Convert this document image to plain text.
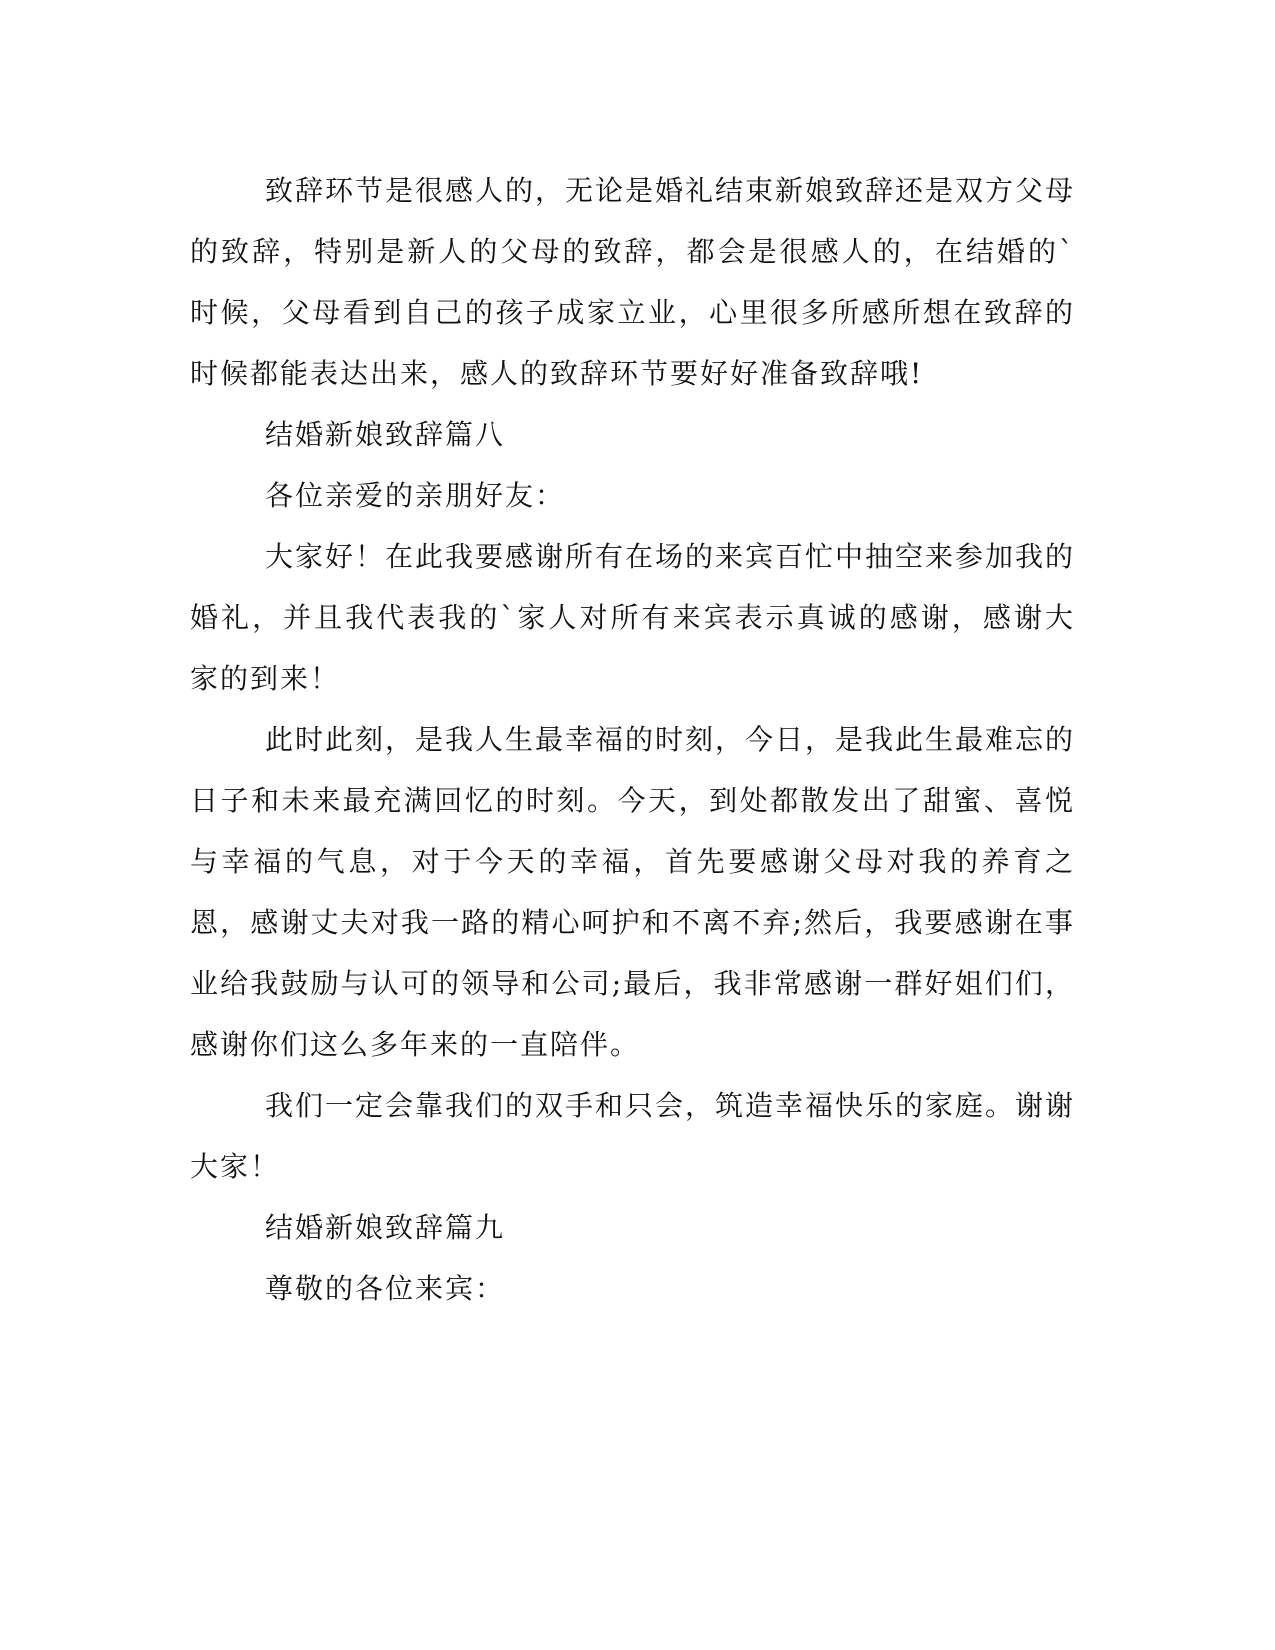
致辞环节是很感人的，无论是婚礼结束新娘致辞还是双方父母的致辞，特别是新人的父母的致辞，都会是很感人的，在结婚的`时候，父母看到自己的孩子成家立业，心里很多所感所想在致辞的时候都能表达出来，感人的致辞环节要好好准备致辞哦!

结婚新娘致辞篇八

各位亲爱的亲朋好友：

大家好！在此我要感谢所有在场的来宾百忙中抽空来参加我的婚礼，并且我代表我的`家人对所有来宾表示真诚的感谢，感谢大家的到来！

此时此刻，是我人生最幸福的时刻，今日，是我此生最难忘的日子和未来最充满回忆的时刻。今天，到处都散发出了甜蜜、喜悦与幸福的气息，对于今天的幸福，首先要感谢父母对我的养育之恩，感谢丈夫对我一路的精心呵护和不离不弃;然后，我要感谢在事业给我鼓励与认可的领导和公司;最后，我非常感谢一群好姐们们，感谢你们这么多年来的一直陪伴。

我们一定会靠我们的双手和只会，筑造幸福快乐的家庭。谢谢大家！

结婚新娘致辞篇九

尊敬的各位来宾：
